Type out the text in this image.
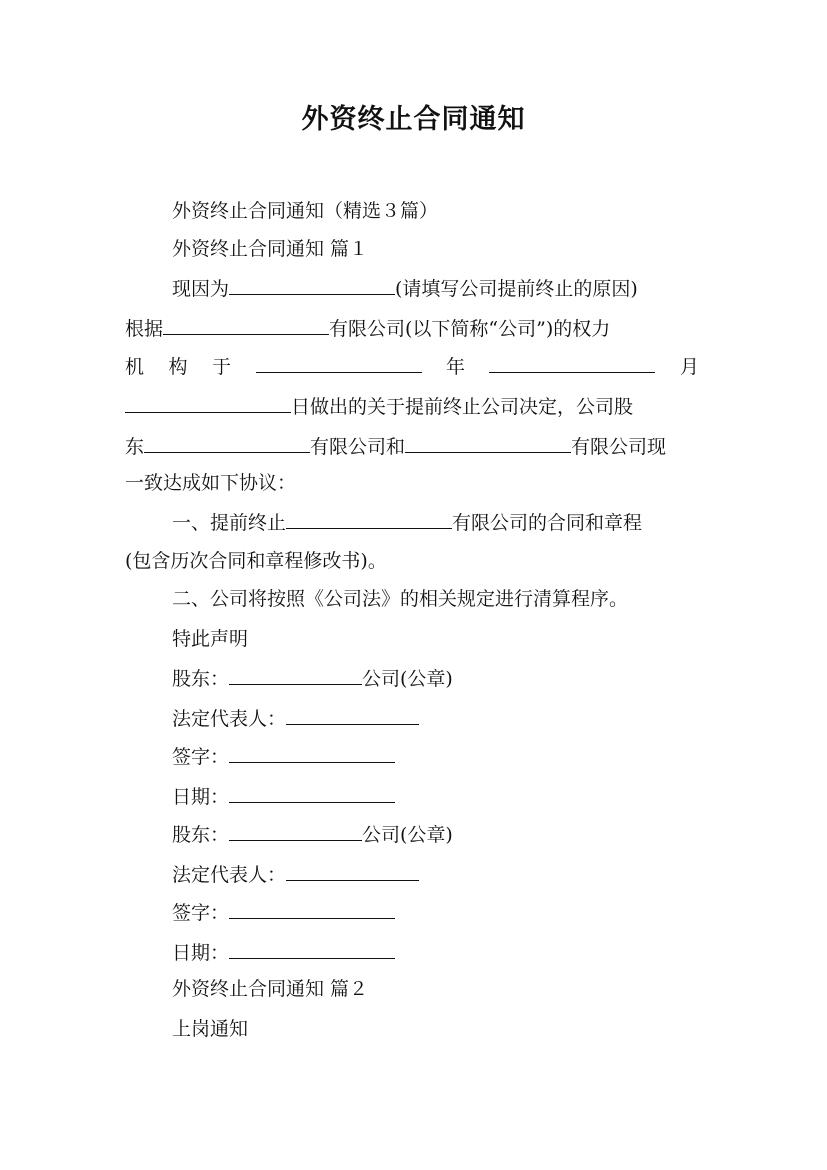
外资终止合同通知
外资终止合同通知（精选３篇）
外资终止合同通知 篇１
现因为	(请填写公司提前终止的原因)
根据	有限公司(以下简称“公司”)的权力
机 构 于	年	月
日做出的关于提前终止公司决定，公司股
东	有限公司和	有限公司现
一致达成如下协议：
一、提前终止	有限公司的合同和章程
(包含历次合同和章程修改书)。
二、公司将按照《公司法》的相关规定进行清算程序。
特此声明
股东：	公司(公章)
法定代表人：
签字：
日期：
股东：	公司(公章)
法定代表人：
签字：
日期：
外资终止合同通知 篇２
上岗通知
